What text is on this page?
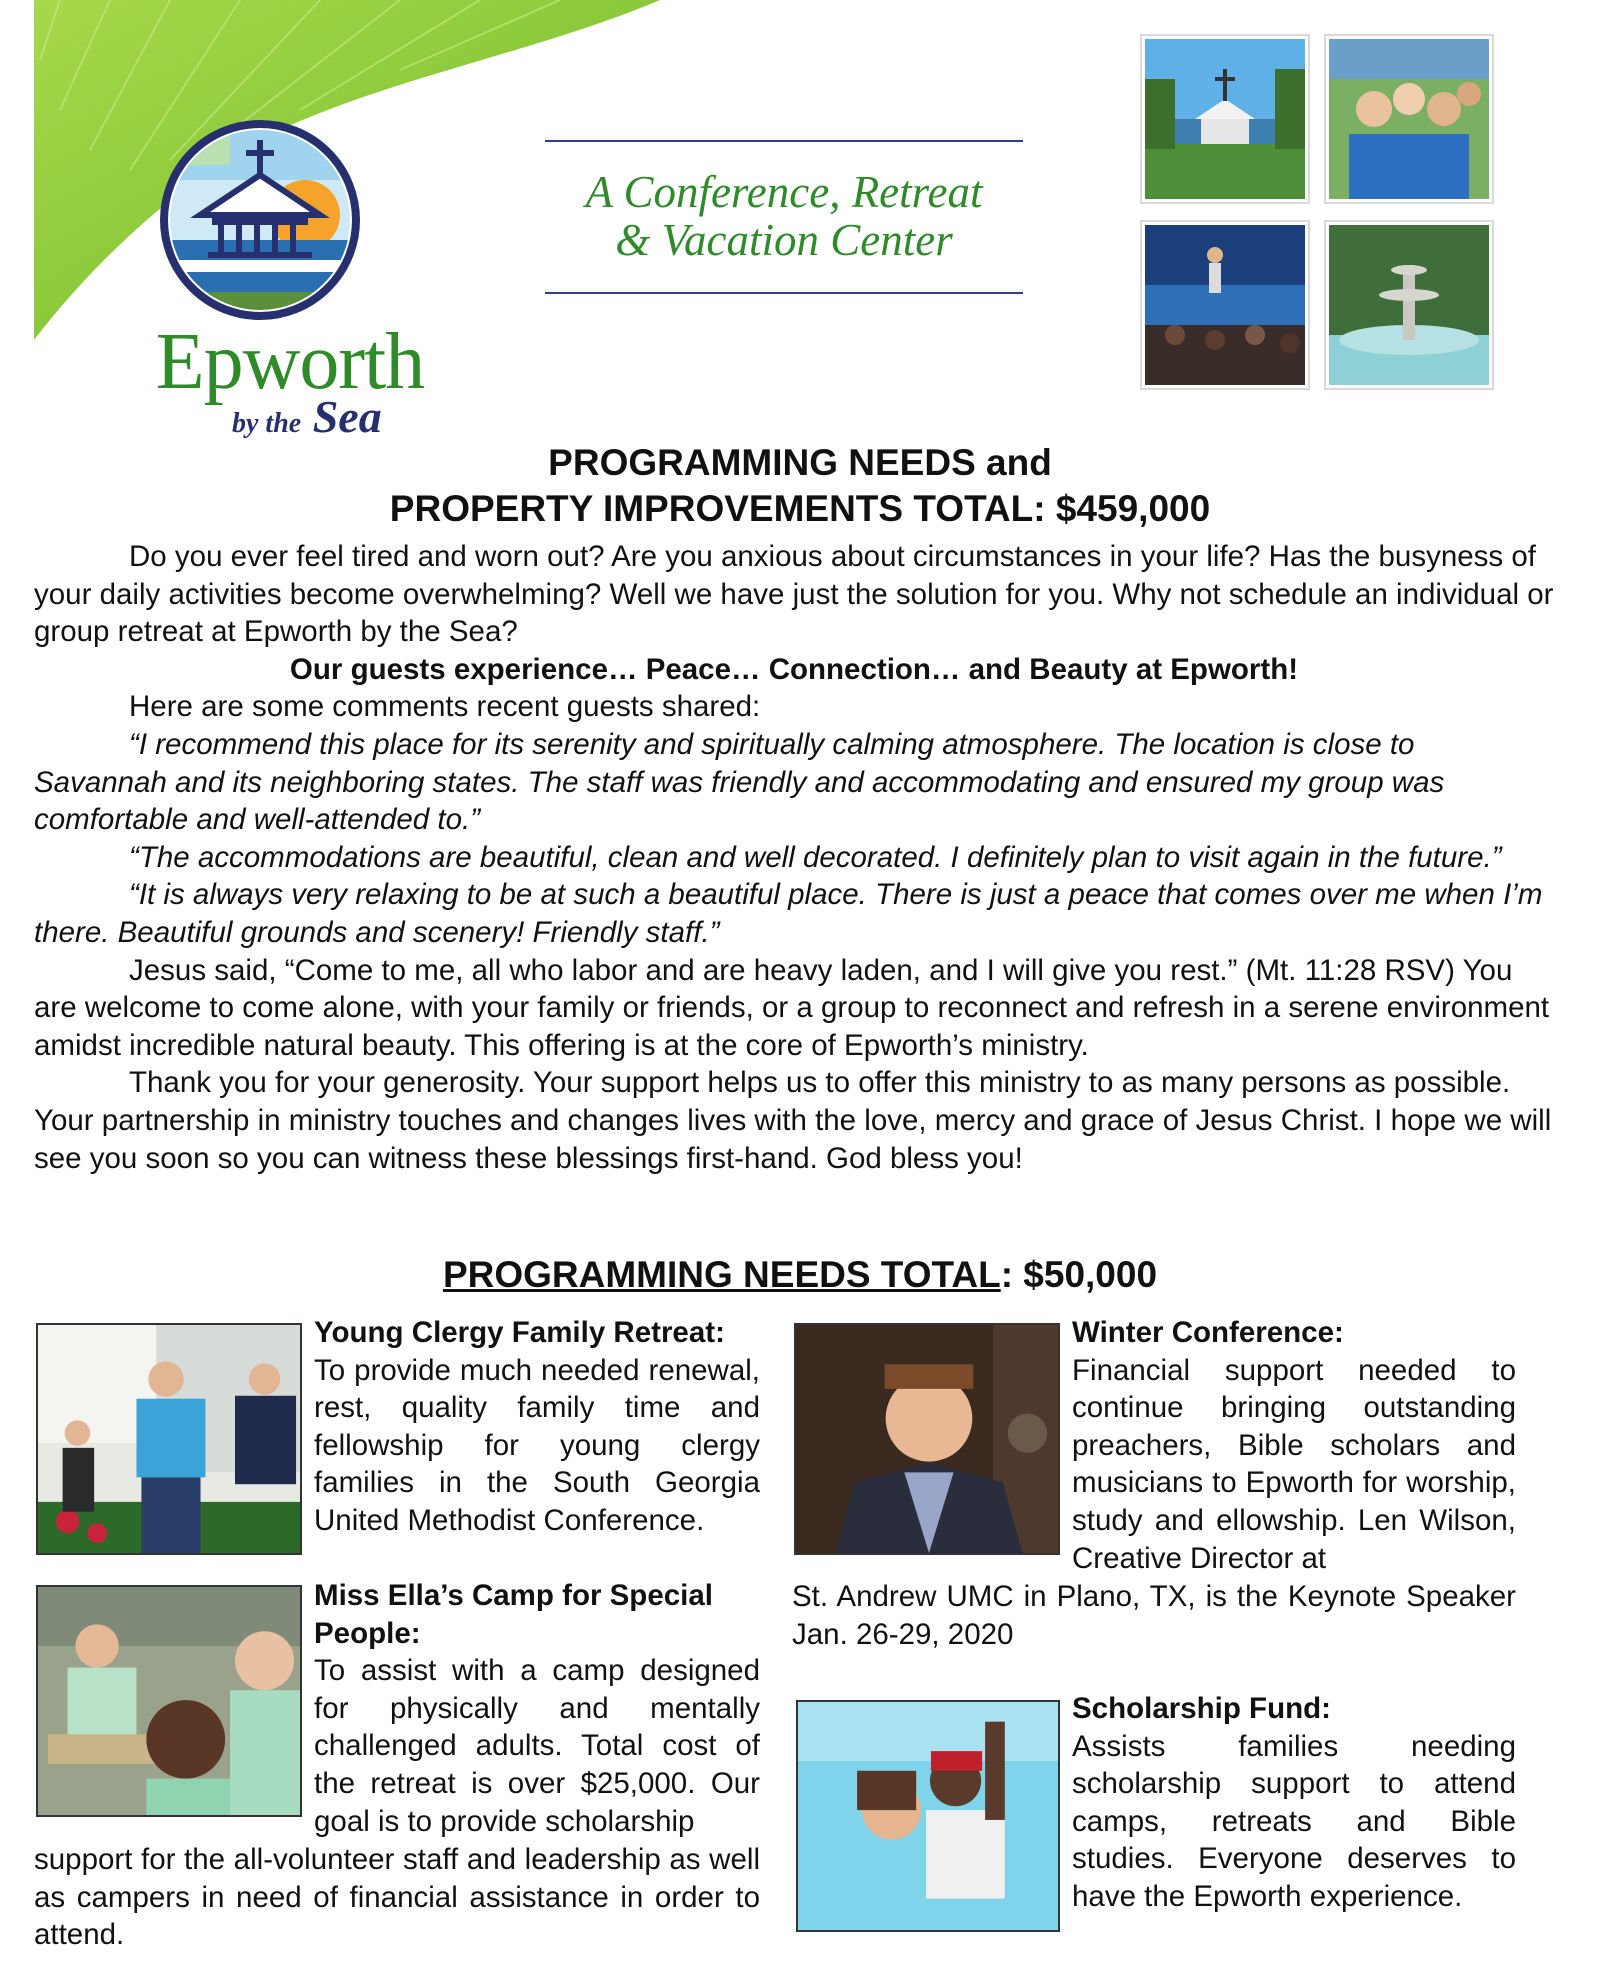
Epworth
by the Sea
A Conference, Retreat
& Vacation Center
PROGRAMMING NEEDS and
PROPERTY IMPROVEMENTS TOTAL: $459,000

Do you ever feel tired and worn out? Are you anxious about circumstances in your life? Has the busyness of your daily activities become overwhelming? Well we have just the solution for you. Why not schedule an individual or group retreat at Epworth by the Sea?

Our guests experience… Peace… Connection… and Beauty at Epworth!

Here are some comments recent guests shared:

“I recommend this place for its serenity and spiritually calming atmosphere. The location is close to Savannah and its neighboring states. The staff was friendly and accommodating and ensured my group was comfortable and well-attended to.”

“The accommodations are beautiful, clean and well decorated. I definitely plan to visit again in the future.”

“It is always very relaxing to be at such a beautiful place. There is just a peace that comes over me when I’m there. Beautiful grounds and scenery! Friendly staff.”

Jesus said, “Come to me, all who labor and are heavy laden, and I will give you rest.” (Mt. 11:28 RSV) You are welcome to come alone, with your family or friends, or a group to reconnect and refresh in a serene environment amidst incredible natural beauty. This offering is at the core of Epworth’s ministry.

Thank you for your generosity. Your support helps us to offer this ministry to as many persons as possible. Your partnership in ministry touches and changes lives with the love, mercy and grace of Jesus Christ. I hope we will see you soon so you can witness these blessings first-hand. God bless you!

PROGRAMMING NEEDS TOTAL: $50,000
Young Clergy Family Retreat:
To provide much needed renewal, rest, quality family time and fellowship for young clergy families in the South Georgia United Methodist Conference.
Miss Ella’s Camp for Special People:
To assist with a camp designed for physically and mentally challenged adults. Total cost of the retreat is over $25,000. Our goal is to provide scholarship
support for the all-volunteer staff and leadership as well as campers in need of financial assistance in order to attend.
Winter Conference:
Financial support needed to continue bringing outstanding preachers, Bible scholars and musicians to Epworth for worship, study and ellowship. Len Wilson, Creative Director at
St. Andrew UMC in Plano, TX, is the Keynote Speaker Jan. 26-29, 2020
Scholarship Fund:
Assists families needing scholarship support to attend camps, retreats and Bible studies. Everyone deserves to have the Epworth experience.
